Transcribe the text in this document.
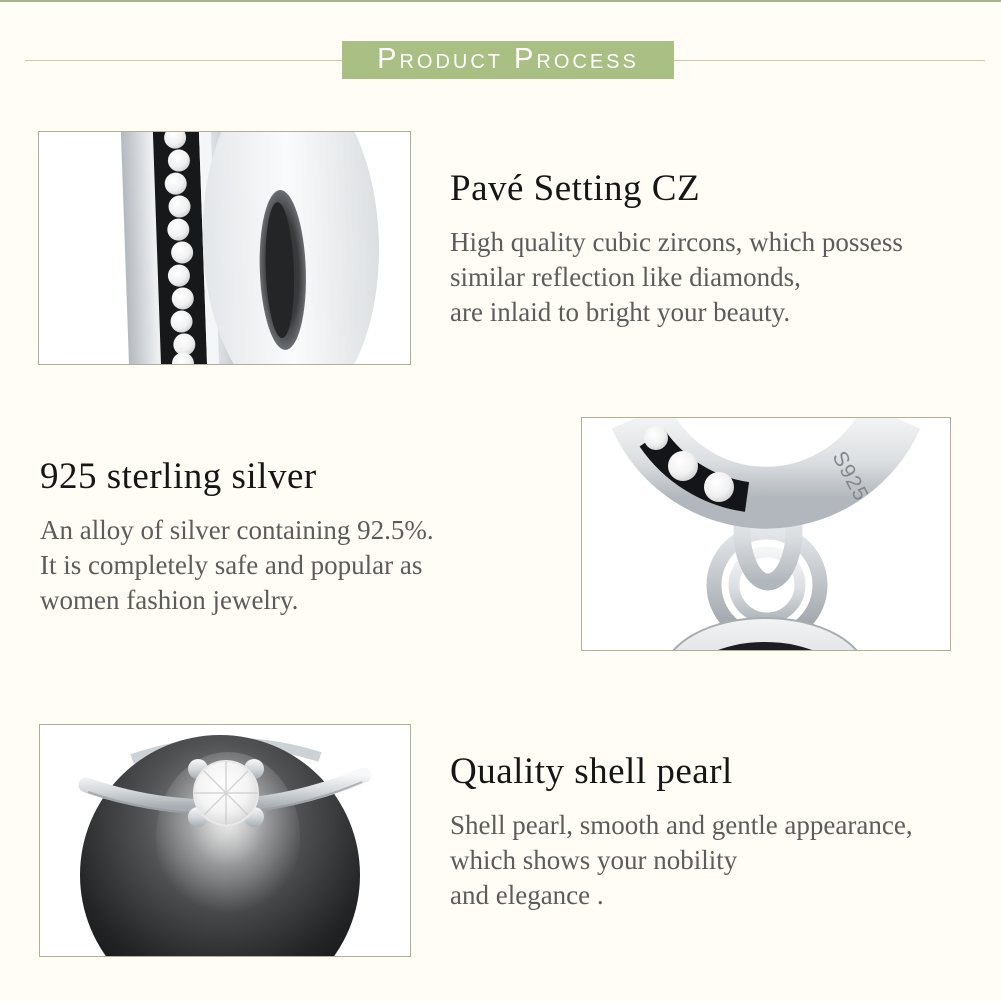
Product Process
Pavé Setting CZ
High quality cubic zircons, which possess
similar reflection like diamonds,
are inlaid to bright your beauty.
925 sterling silver
An alloy of silver containing 92.5%.
It is completely safe and popular as
women fashion jewelry.
S925
Quality shell pearl
Shell pearl, smooth and gentle appearance,
which shows your nobility
and elegance .
